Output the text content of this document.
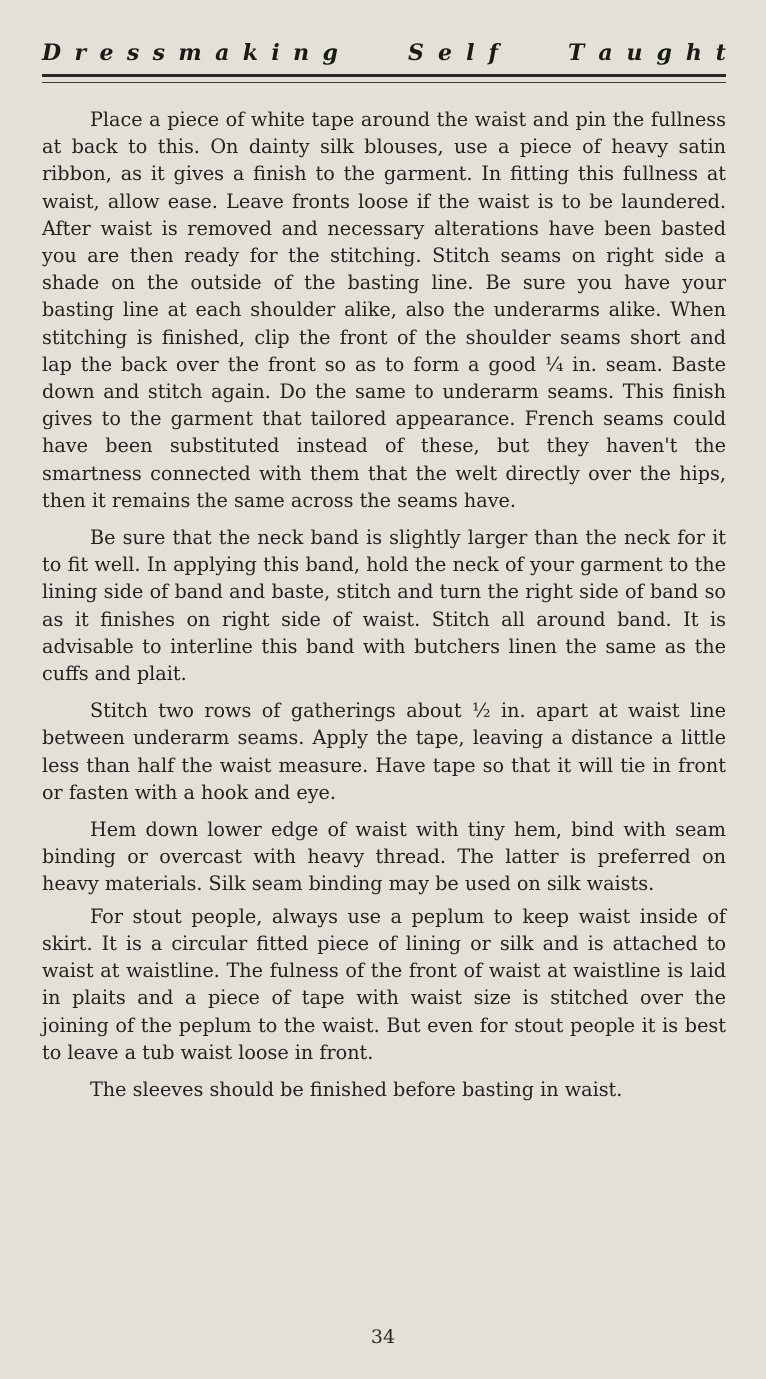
D r e s s m a k i n g	S e l f	T a u g h t

Place a piece of white tape around the waist and pin the fullness at back to this. On dainty silk blouses, use a piece of heavy satin ribbon, as it gives a finish to the garment. In fitting this fullness at waist, allow ease. Leave fronts loose if the waist is to be laundered. After waist is removed and necessary alterations have been basted you are then ready for the stitching. Stitch seams on right side a shade on the outside of the basting line. Be sure you have your basting line at each shoulder alike, also the underarms alike. When stitching is finished, clip the front of the shoulder seams short and lap the back over the front so as to form a good ¼ in. seam. Baste down and stitch again. Do the same to underarm seams. This finish gives to the garment that tailored appearance. French seams could have been substituted instead of these, but they haven't the smartness connected with them that the welt directly over the hips, then it remains the same across the seams have.

Be sure that the neck band is slightly larger than the neck for it to fit well. In applying this band, hold the neck of your garment to the lining side of band and baste, stitch and turn the right side of band so as it finishes on right side of waist. Stitch all around band. It is advisable to interline this band with butchers linen the same as the cuffs and plait.

Stitch two rows of gatherings about ½ in. apart at waist line between underarm seams. Apply the tape, leaving a distance a little less than half the waist measure. Have tape so that it will tie in front or fasten with a hook and eye.

Hem down lower edge of waist with tiny hem, bind with seam binding or overcast with heavy thread. The latter is preferred on heavy materials. Silk seam binding may be used on silk waists.

For stout people, always use a peplum to keep waist inside of skirt. It is a circular fitted piece of lining or silk and is attached to waist at waistline. The fulness of the front of waist at waistline is laid in plaits and a piece of tape with waist size is stitched over the joining of the peplum to the waist. But even for stout people it is best to leave a tub waist loose in front.

The sleeves should be finished before basting in waist.

34
